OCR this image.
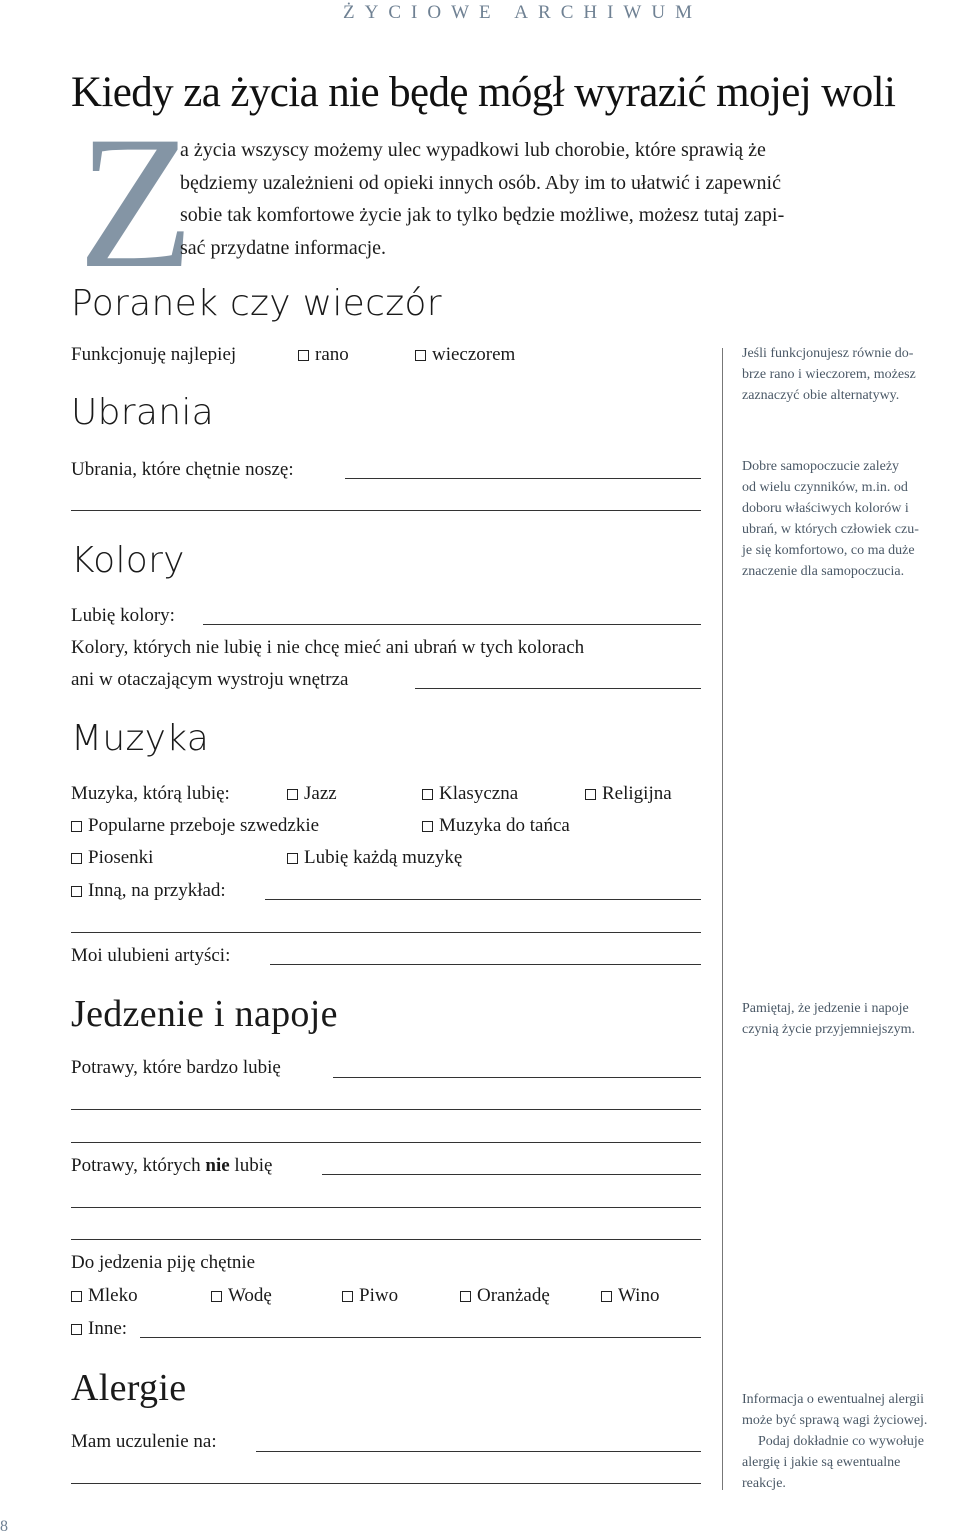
ŻYCIOWE ARCHIWUM
Kiedy za życia nie będę mógł wyrazić mojej woli
Z
a życia wszyscy możemy ulec wypadkowi lub chorobie, które sprawią że
będziemy uzależnieni od opieki innych osób. Aby im to ułatwić i zapewnić
sobie tak komfortowe życie jak to tylko będzie możliwe, możesz tutaj zapi-
sać przydatne informacje.
Poranek czy wieczór
Funkcjonuję najlepiej	rano	wieczorem
Ubrania
Ubrania, które chętnie noszę:
Kolory
Lubię kolory:
Kolory, których nie lubię i nie chcę mieć ani ubrań w tych kolorach
ani w otaczającym wystroju wnętrza
Muzyka
Muzyka, którą lubię:	Jazz	Klasyczna	Religijna
Popularne przeboje szwedzkie	Muzyka do tańca
Piosenki	Lubię każdą muzykę
Inną, na przykład:
Moi ulubieni artyści:
Jedzenie i napoje
Potrawy, które bardzo lubię
Potrawy, których nie lubię
Do jedzenia piję chętnie
Mleko	Wodę	Piwo	Oranżadę	Wino
Inne:
Alergie
Mam uczulenie na:
Jeśli funkcjonujesz równie do-
brze rano i wieczorem, możesz
zaznaczyć obie alternatywy.
Dobre samopoczucie zależy
od wielu czynników, m.in. od
doboru właściwych kolorów i
ubrań, w których człowiek czu-
je się komfortowo, co ma duże
znaczenie dla samopoczucia.
Pamiętaj, że jedzenie i napoje
czynią życie przyjemniejszym.
Informacja o ewentualnej alergii
może być sprawą wagi życiowej.
Podaj dokładnie co wywołuje
alergię i jakie są ewentualne
reakcje.
8
